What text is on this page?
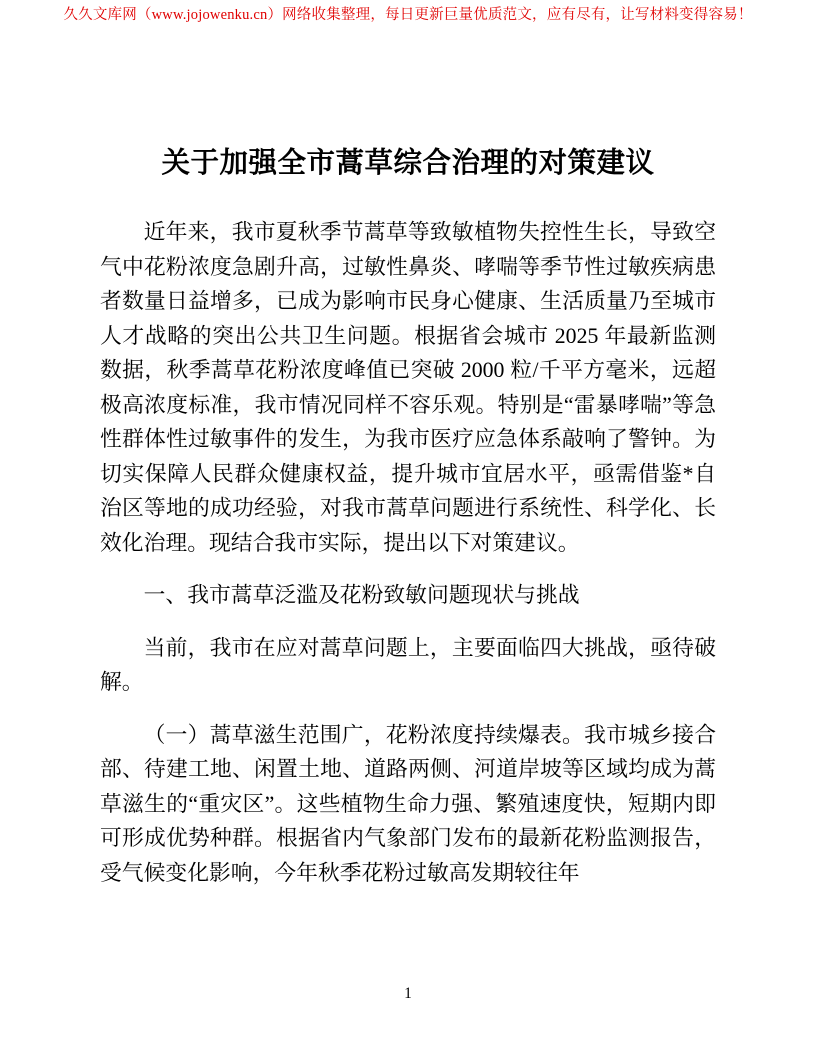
久久文库网（www.jojowenku.cn）网络收集整理，每日更新巨量优质范文，应有尽有，让写材料变得容易！
关于加强全市蒿草综合治理的对策建议

近年来，我市夏秋季节蒿草等致敏植物失控性生长，导致空气中花粉浓度急剧升高，过敏性鼻炎、哮喘等季节性过敏疾病患者数量日益增多，已成为影响市民身心健康、生活质量乃至城市人才战略的突出公共卫生问题。根据省会城市 2025 年最新监测数据，秋季蒿草花粉浓度峰值已突破 2000 粒/千平方毫米，远超极高浓度标准，我市情况同样不容乐观。特别是“雷暴哮喘”等急性群体性过敏事件的发生，为我市医疗应急体系敲响了警钟。为切实保障人民群众健康权益，提升城市宜居水平，亟需借鉴*自治区等地的成功经验，对我市蒿草问题进行系统性、科学化、长效化治理。现结合我市实际，提出以下对策建议。

一、我市蒿草泛滥及花粉致敏问题现状与挑战

当前，我市在应对蒿草问题上，主要面临四大挑战，亟待破解。

（一）蒿草滋生范围广，花粉浓度持续爆表。我市城乡接合部、待建工地、闲置土地、道路两侧、河道岸坡等区域均成为蒿草滋生的“重灾区”。这些植物生命力强、繁殖速度快，短期内即可形成优势种群。根据省内气象部门发布的最新花粉监测报告，受气候变化影响，今年秋季花粉过敏高发期较往年

1
